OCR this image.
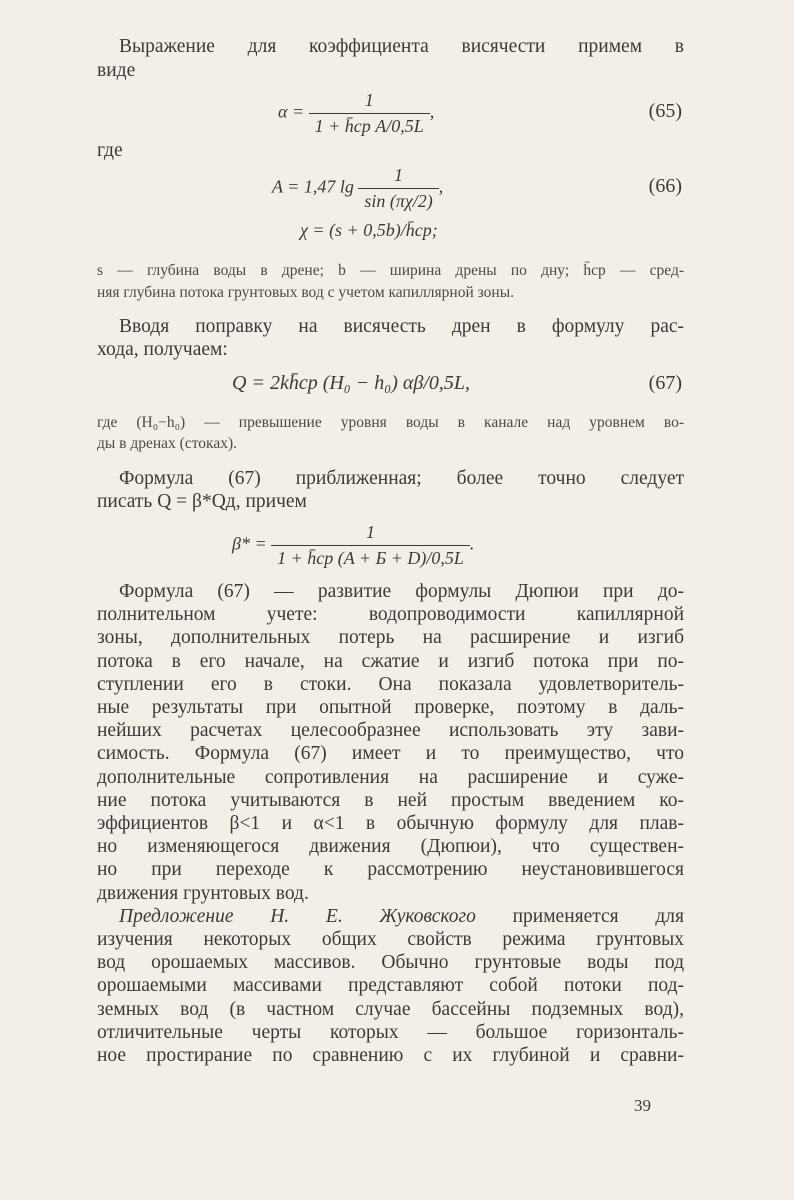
Выражение для коэффициента висячести примем в
виде
$\alpha = \frac{1}{\text{1 + h̄ср A/0,5L}}$ ,	(65)
где
A = 1,47 $\lg \frac{1}{\sin (\pi\chi/2)}$ ,	(66)
χ = (s + 0,5b)/h̄ср;
s — глубина воды в дрене; b — ширина дрены по дну; h̄ср — сред-
няя глубина потока грунтовых вод с учетом капиллярной зоны.
Вводя поправку на висячесть дрен в формулу рас-
хода, получаем:
Q = 2kh̄ср (H₀ − h₀) αβ/0,5L,	(67)
где (H₀−h₀) — превышение уровня воды в канале над уровнем во-
ды в дренах (стоках).
Формула (67) приближенная; более точно следует
писать Q = β*Qд, причем
$\beta* = \frac{1}{1 + h̄ср (A + Б + D)/0,5L}$ .
Формула (67) — развитие формулы Дюпюи при до-
полнительном учете: водопроводимости капиллярной
зоны, дополнительных потерь на расширение и изгиб
потока в его начале, на сжатие и изгиб потока при по-
ступлении его в стоки. Она показала удовлетворитель-
ные результаты при опытной проверке, поэтому в даль-
нейших расчетах целесообразнее использовать эту зави-
симость. Формула (67) имеет и то преимущество, что
дополнительные сопротивления на расширение и суже-
ние потока учитываются в ней простым введением ко-
эффициентов β<1 и α<1 в обычную формулу для плав-
но изменяющегося движения (Дюпюи), что существен-
но при переходе к рассмотрению неустановившегося
движения грунтовых вод.
Предложение Н. Е. Жуковского применяется для
изучения некоторых общих свойств режима грунтовых
вод орошаемых массивов. Обычно грунтовые воды под
орошаемыми массивами представляют собой потоки под-
земных вод (в частном случае бассейны подземных вод),
отличительные черты которых — большое горизонталь-
ное простирание по сравнению с их глубиной и сравни-
39
